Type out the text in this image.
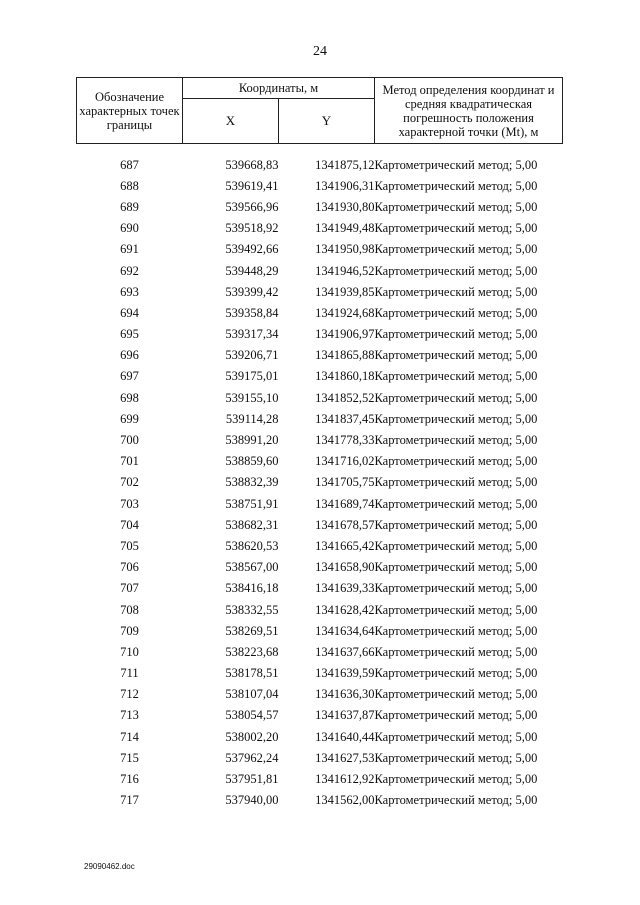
24
Обозначение характерных точек границы	Координаты, м		Метод определения координат и средняя квадратическая погрешность положения характерной точки (Mt), м
	X	Y	

687	539668,83	1341875,12	Картометрический метод; 5,00
688	539619,41	1341906,31	Картометрический метод; 5,00
689	539566,96	1341930,80	Картометрический метод; 5,00
690	539518,92	1341949,48	Картометрический метод; 5,00
691	539492,66	1341950,98	Картометрический метод; 5,00
692	539448,29	1341946,52	Картометрический метод; 5,00
693	539399,42	1341939,85	Картометрический метод; 5,00
694	539358,84	1341924,68	Картометрический метод; 5,00
695	539317,34	1341906,97	Картометрический метод; 5,00
696	539206,71	1341865,88	Картометрический метод; 5,00
697	539175,01	1341860,18	Картометрический метод; 5,00
698	539155,10	1341852,52	Картометрический метод; 5,00
699	539114,28	1341837,45	Картометрический метод; 5,00
700	538991,20	1341778,33	Картометрический метод; 5,00
701	538859,60	1341716,02	Картометрический метод; 5,00
702	538832,39	1341705,75	Картометрический метод; 5,00
703	538751,91	1341689,74	Картометрический метод; 5,00
704	538682,31	1341678,57	Картометрический метод; 5,00
705	538620,53	1341665,42	Картометрический метод; 5,00
706	538567,00	1341658,90	Картометрический метод; 5,00
707	538416,18	1341639,33	Картометрический метод; 5,00
708	538332,55	1341628,42	Картометрический метод; 5,00
709	538269,51	1341634,64	Картометрический метод; 5,00
710	538223,68	1341637,66	Картометрический метод; 5,00
711	538178,51	1341639,59	Картометрический метод; 5,00
712	538107,04	1341636,30	Картометрический метод; 5,00
713	538054,57	1341637,87	Картометрический метод; 5,00
714	538002,20	1341640,44	Картометрический метод; 5,00
715	537962,24	1341627,53	Картометрический метод; 5,00
716	537951,81	1341612,92	Картометрический метод; 5,00
717	537940,00	1341562,00	Картометрический метод; 5,00
29090462.doc
